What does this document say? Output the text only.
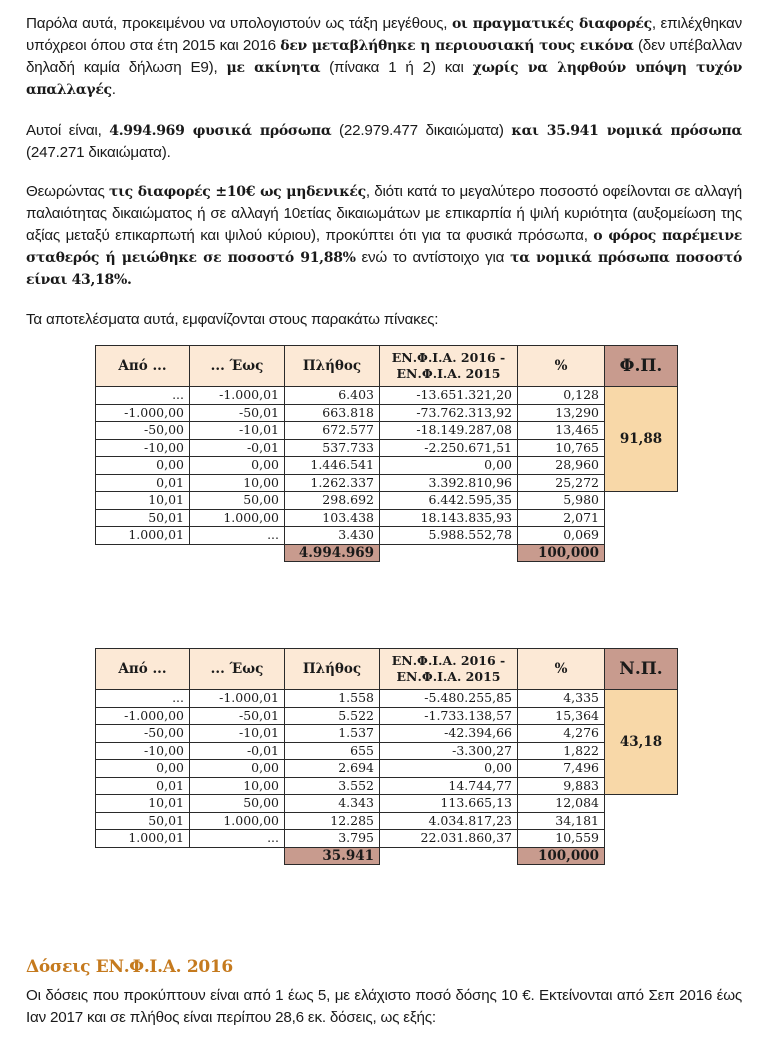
Παρόλα αυτά, προκειμένου να υπολογιστούν ως τάξη μεγέθους, οι πραγματικές διαφορές, επιλέχθηκαν υπόχρεοι όπου στα έτη 2015 και 2016 δεν μεταβλήθηκε η περιουσιακή τους εικόνα (δεν υπέβαλλαν δηλαδή καμία δήλωση Ε9), με ακίνητα (πίνακα 1 ή 2) και χωρίς να ληφθούν υπόψη τυχόν απαλλαγές.
Αυτοί είναι, 4.994.969 φυσικά πρόσωπα (22.979.477 δικαιώματα) και 35.941 νομικά πρόσωπα (247.271 δικαιώματα).
Θεωρώντας τις διαφορές ±10€ ως μηδενικές, διότι κατά το μεγαλύτερο ποσοστό οφείλονται σε αλλαγή παλαιότητας δικαιώματος ή σε αλλαγή 10ετίας δικαιωμάτων με επικαρπία ή ψιλή κυριότητα (αυξομείωση της αξίας μεταξύ επικαρπωτή και ψιλού κύριου), προκύπτει ότι για τα φυσικά πρόσωπα, ο φόρος παρέμεινε σταθερός ή μειώθηκε σε ποσοστό 91,88% ενώ το αντίστοιχο για τα νομικά πρόσωπα ποσοστό είναι 43,18%.
Τα αποτελέσματα αυτά, εμφανίζονται στους παρακάτω πίνακες:
Από ...	... Έως	Πλήθος	ΕΝ.Φ.Ι.Α. 2016 -
ΕΝ.Φ.Ι.Α. 2015	%	Φ.Π.
...	-1.000,01	6.403	-13.651.321,20	0,128	91,88
-1.000,00	-50,01	663.818	-73.762.313,92	13,290	
-50,00	-10,01	672.577	-18.149.287,08	13,465	
-10,00	-0,01	537.733	-2.250.671,51	10,765	
0,00	0,00	1.446.541	0,00	28,960	
0,01	10,00	1.262.337	3.392.810,96	25,272	
10,01	50,00	298.692	6.442.595,35	5,980	
50,01	1.000,00	103.438	18.143.835,93	2,071	
1.000,01	...	3.430	5.988.552,78	0,069	
		4.994.969		100,000	
Από ...	... Έως	Πλήθος	ΕΝ.Φ.Ι.Α. 2016 -
ΕΝ.Φ.Ι.Α. 2015	%	Ν.Π.
...	-1.000,01	1.558	-5.480.255,85	4,335	43,18
-1.000,00	-50,01	5.522	-1.733.138,57	15,364	
-50,00	-10,01	1.537	-42.394,66	4,276	
-10,00	-0,01	655	-3.300,27	1,822	
0,00	0,00	2.694	0,00	7,496	
0,01	10,00	3.552	14.744,77	9,883	
10,01	50,00	4.343	113.665,13	12,084	
50,01	1.000,00	12.285	4.034.817,23	34,181	
1.000,01	...	3.795	22.031.860,37	10,559	
		35.941		100,000	
Δόσεις ΕΝ.Φ.Ι.Α. 2016
Οι δόσεις που προκύπτουν είναι από 1 έως 5, με ελάχιστο ποσό δόσης 10 €. Εκτείνονται από Σεπ 2016 έως Ιαν 2017 και σε πλήθος είναι περίπου 28,6 εκ. δόσεις, ως εξής:
